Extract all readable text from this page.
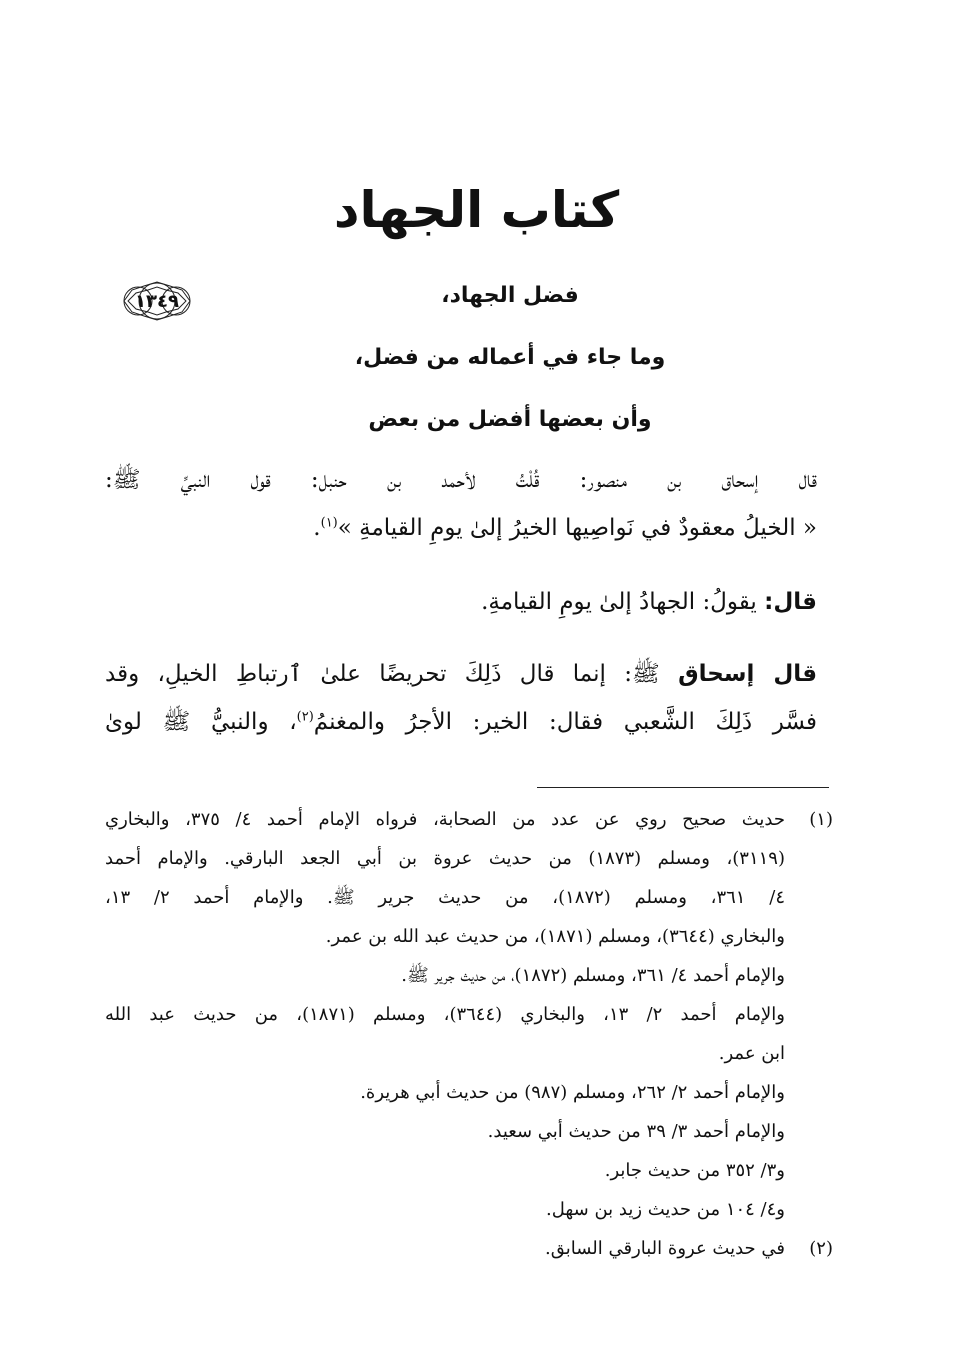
كتاب الجهاد
١٣٤٩	فضل الجهاد،
وما جاء في أعماله من فضل،
وأن بعضها أفضل من بعض
قال إسحاق بن منصور: قُلْتُ لأحمد بن حنبل: قول النبيِّ ﷺ:
« الخيلُ معقودٌ في نَواصِيها الخيرُ إلىٰ يومِ القيامةِ »$^{(١)}$.
قال: يقولُ: الجهادُ إلىٰ يومِ القيامةِ.
قال إسحاق ﷺ: إنما قال ذَلِكَ تحريضًا علىٰ ٱرتباطِ الخيلِ، وقد
فسَّر ذَلِكَ الشَّعبي فقال: الخير: الأجرُ والمغنمُ$^{(٢)}$، والنبيُّ ﷺ لوىٰ
(١)
حديث صحيح روي عن عدد من الصحابة، فرواه الإمام أحمد ٤/ ٣٧٥، والبخاري
(٣١١٩)، ومسلم (١٨٧٣) من حديث عروة بن أبي الجعد البارقي. والإمام أحمد
٤/ ٣٦١، ومسلم (١٨٧٢)، من حديث جرير ﷺ. والإمام أحمد ٢/ ١٣،
والبخاري (٣٦٤٤)، ومسلم (١٨٧١)، من حديث عبد الله بن عمر.
والإمام أحمد ٤/ ٣٦١، ومسلم (١٨٧٢)، من حديث جرير ﷺ.
والإمام أحمد ٢/ ١٣، والبخاري (٣٦٤٤)، ومسلم (١٨٧١)، من حديث عبد الله
ابن عمر.
والإمام أحمد ٢/ ٢٦٢، ومسلم (٩٨٧) من حديث أبي هريرة.
والإمام أحمد ٣/ ٣٩ من حديث أبي سعيد.
و٣/ ٣٥٢ من حديث جابر.
و٤/ ١٠٤ من حديث زيد بن سهل.
(٢)
في حديث عروة البارقي السابق.
